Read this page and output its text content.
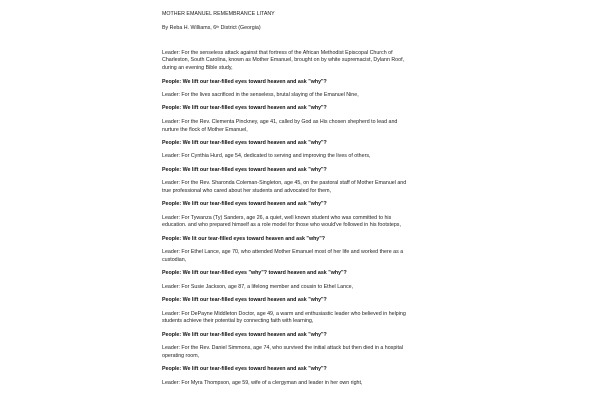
MOTHER EMANUEL REMEMBRANCE LITANY
By Reba H. Williams, 6th District (Georgia)
Leader: For the senseless attack against that fortress of the African Methodist Episcopal Church of
Charleston, South Carolina, known as Mother Emanuel, brought on by white supremacist, Dylann Roof,
during an evening Bible study,
People: We lift our tear-filled eyes toward heaven and ask "why"?
Leader: For the lives sacrificed in the senseless, brutal slaying of the Emanuel Nine,
People: We lift our tear-filled eyes toward heaven and ask "why"?
Leader: For the Rev. Clementa Pinckney, age 41, called by God as His chosen shepherd to lead and
nurture the flock of Mother Emanuel,
People: We lift our tear-filled eyes toward heaven and ask "why"?
Leader: For Cynthia Hurd, age 54, dedicated to serving and improving the lives of others,
People: We lift our tear-filled eyes toward heaven and ask "why"?
Leader: For the Rev. Sharonda Coleman-Singleton, age 45, on the pastoral staff of Mother Emanuel and
true professional who cared about her students and advocated for them,
People: We lift our tear-filled eyes toward heaven and ask "why"?
Leader: For Tywanza (Ty) Sanders, age 26, a quiet, well known student who was committed to his
education. and who prepared himself as a role model for those who would've followed in his footsteps,
People: We lit our tear-filled eyes toward heaven and ask "why"?
Leader: For Ethel Lance, age 70, who attended Mother Emanuel most of her life and worked there as a
custodian,
People: We lift our tear-filled eyes "why"? toward heaven and ask "why"?
Leader: For Susie Jackson, age 87, a lifelong member and cousin to Ethel Lance,
People: We lift our tear-filled eyes toward heaven and ask "why"?
Leader: For DePayne Middleton Doctor, age 49, a warm and enthusiastic leader who believed in helping
students achieve their potential by connecting faith with learning,
People: We lift our tear-filled eyes toward heaven and ask "why"?
Leader: For the Rev. Daniel Simmons, age 74, who survived the initial attack but then died in a hospital
operating room,
People: We lift our tear-filled eyes toward heaven and ask "why"?
Leader: For Myra Thompson, age 59, wife of a clergyman and leader in her own right,
